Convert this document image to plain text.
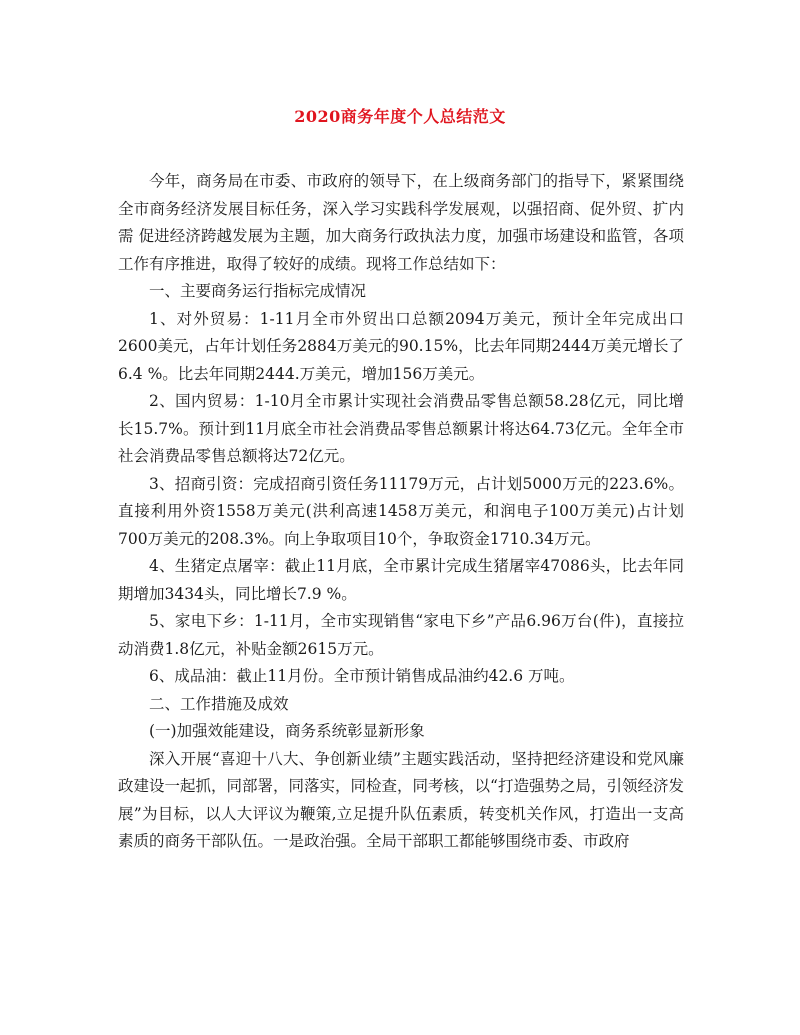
2020商务年度个人总结范文

今年，商务局在市委、市政府的领导下，在上级商务部门的指导下，紧紧围绕全市商务经济发展目标任务，深入学习实践科学发展观，以强招商、促外贸、扩内需 促进经济跨越发展为主题，加大商务行政执法力度，加强市场建设和监管，各项工作有序推进，取得了较好的成绩。现将工作总结如下：

一、主要商务运行指标完成情况

1、对外贸易：1-11月全市外贸出口总额2094万美元，预计全年完成出口2600美元，占年计划任务2884万美元的90.15%，比去年同期2444万美元增长了6.4 %。比去年同期2444.万美元，增加156万美元。

2、国内贸易：1-10月全市累计实现社会消费品零售总额58.28亿元，同比增长15.7%。预计到11月底全市社会消费品零售总额累计将达64.73亿元。全年全市社会消费品零售总额将达72亿元。

3、招商引资：完成招商引资任务11179万元，占计划5000万元的223.6%。直接利用外资1558万美元(洪利高速1458万美元，和润电子100万美元)占计划700万美元的208.3%。向上争取项目10个，争取资金1710.34万元。

4、生猪定点屠宰：截止11月底，全市累计完成生猪屠宰47086头，比去年同期增加3434头，同比增长7.9 %。

5、家电下乡：1-11月，全市实现销售“家电下乡”产品6.96万台(件)，直接拉动消费1.8亿元，补贴金额2615万元。

6、成品油：截止11月份。全市预计销售成品油约42.6 万吨。

二、工作措施及成效

(一)加强效能建设，商务系统彰显新形象

深入开展“喜迎十八大、争创新业绩”主题实践活动，坚持把经济建设和党风廉政建设一起抓，同部署，同落实，同检查，同考核，以“打造强势之局，引领经济发展”为目标，以人大评议为鞭策,立足提升队伍素质，转变机关作风，打造出一支高素质的商务干部队伍。一是政治强。全局干部职工都能够围绕市委、市政府
